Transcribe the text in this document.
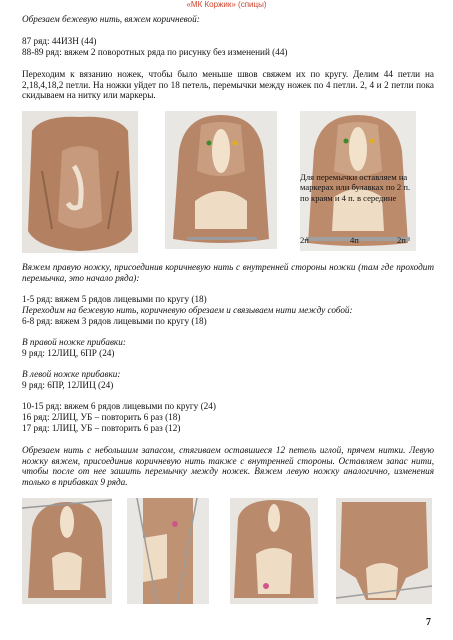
«МК Коржик» (спицы)

Обрезаем бежевую нить, вяжем коричневой:

87 ряд: 44ИЗН (44)

88-89 ряд: вяжем 2 поворотных ряда по рисунку без изменений (44)

Переходим к вязанию ножек, чтобы было меньше швов свяжем их по кругу. Делим 44 петли на 2,18,4,18,2 петли. На ножки уйдет по 18 петель, перемычки между ножек по 4 петли. 2, 4 и 2 петли пока скидываем на нитку или маркеры.

Для перемычки оставляем на маркерах или булавках по 2 п. по краям и 4 п. в середине
2п	4п	2п

Вяжем правую ножку, присоединив коричневую нить с внутренней стороны ножки (там где проходит перемычка, это начало ряда):

1-5 ряд: вяжем 5 рядов лицевыми по кругу (18)

Переходим на бежевую нить, коричневую обрезаем и связываем нити между собой:

6-8 ряд: вяжем 3 рядов лицевыми по кругу (18)

В правой ножке прибавки:

9 ряд: 12ЛИЦ, 6ПР (24)

В левой ножке прибавки:

9 ряд: 6ПР, 12ЛИЦ (24)

10-15 ряд: вяжем 6 рядов лицевыми по кругу (24)

16 ряд: 2ЛИЦ, УБ – повторить 6 раз (18)

17 ряд: 1ЛИЦ, УБ – повторить 6 раз (12)

Обрезаем нить с небольшим запасом, стягиваем оставшиеся 12 петель иглой, прячем нитки. Левую ножку вяжем, присоединив коричневую нить также с внутренней стороны. Оставляем запас нити, чтобы после от нее зашить перемычку между ножек. Вяжем левую ножку аналогично, изменения только в прибавках 9 ряда.

7
